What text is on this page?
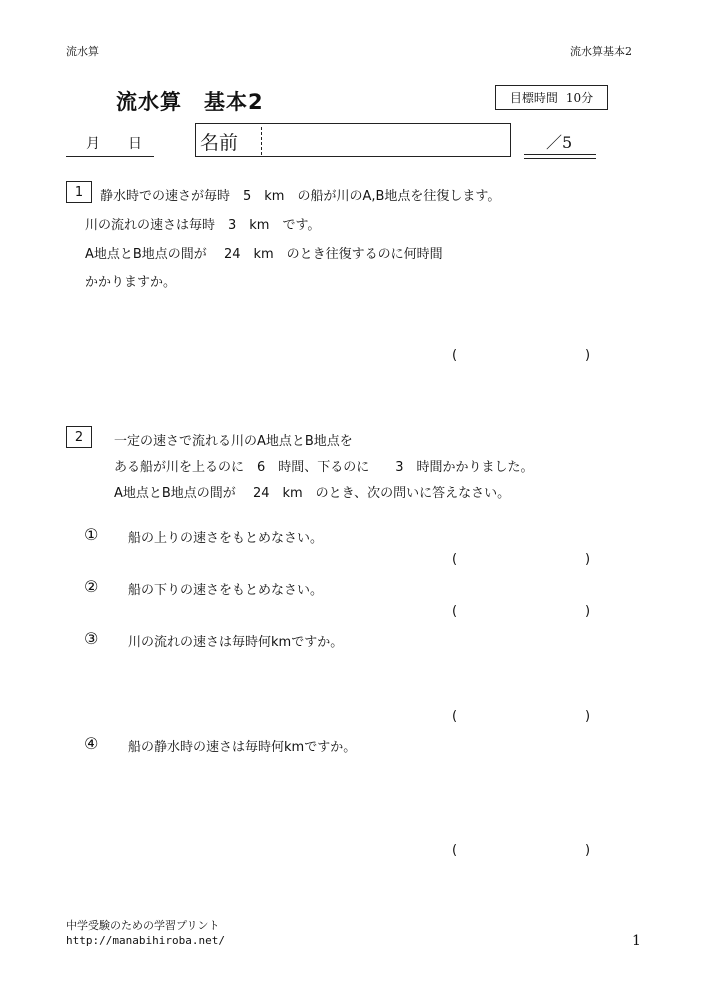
流水算	流水算基本2
流水算　基本2	目標時間 10分
月 日	名前	／5
1	静水時での速さが毎時　5　km　の船が川のA,B地点を往復します。
川の流れの速さは毎時　3　km　です。
A地点とB地点の間が　 24　km　のとき往復するのに何時間
かかりますか。
(	)
2	一定の速さで流れる川のA地点とB地点を
ある船が川を上るのに　6　時間、下るのに　　3　時間かかりました。
A地点とB地点の間が　 24　km　のとき、次の問いに答えなさい。
① 船の上りの速さをもとめなさい。
(	)
② 船の下りの速さをもとめなさい。
(	)
③ 川の流れの速さは毎時何kmですか。
(	)
④ 船の静水時の速さは毎時何kmですか。
(	)
中学受験のための学習プリント
http://manabihiroba.net/	1
